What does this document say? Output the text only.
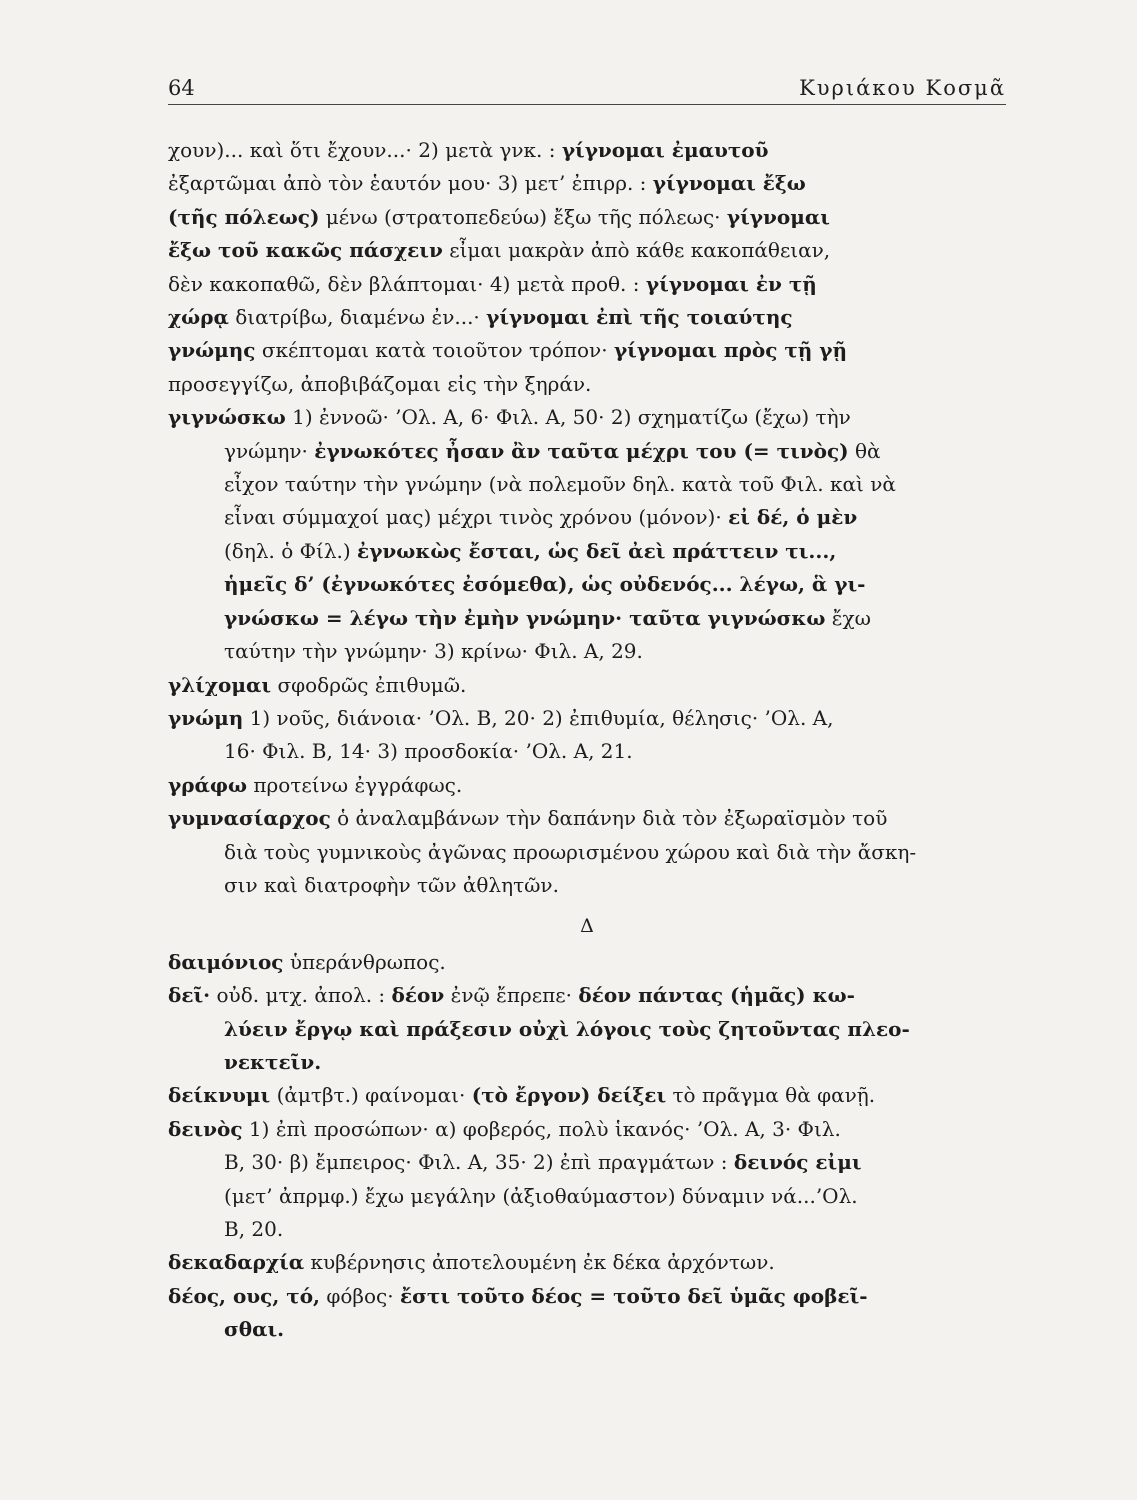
64	Κυριάκου Κοσμᾶ
χουν)... καὶ ὅτι ἔχουν...· 2) μετὰ γνκ. : γίγνομαι ἐμαυτοῦ
ἐξαρτῶμαι ἀπὸ τὸν ἑαυτόν μου· 3) μετ’ ἐπιρρ. : γίγνομαι ἔξω
(τῆς πόλεως) μένω (στρατοπεδεύω) ἔξω τῆς πόλεως· γίγνομαι
ἔξω τοῦ κακῶς πάσχειν εἶμαι μακρὰν ἀπὸ κάθε κακοπάθειαν,
δὲν κακοπαθῶ, δὲν βλάπτομαι· 4) μετὰ προθ. : γίγνομαι ἐν τῇ
χώρᾳ διατρίβω, διαμένω ἐν...· γίγνομαι ἐπὶ τῆς τοιαύτης
γνώμης σκέπτομαι κατὰ τοιοῦτον τρόπον· γίγνομαι πρὸς τῇ γῇ
προσεγγίζω, ἀποβιβάζομαι εἰς τὴν ξηράν.
γιγνώσκω 1) ἐννοῶ· ’Ολ. Α, 6· Φιλ. Α, 50· 2) σχηματίζω (ἔχω) τὴν
γνώμην· ἐγνωκότες ἦσαν ἂν ταῦτα μέχρι του (= τινὸς) θὰ
εἶχον ταύτην τὴν γνώμην (νὰ πολεμοῦν δηλ. κατὰ τοῦ Φιλ. καὶ νὰ
εἶναι σύμμαχοί μας) μέχρι τινὸς χρόνου (μόνον)· εἰ δέ, ὁ μὲν
(δηλ. ὁ Φίλ.) ἐγνωκὼς ἔσται, ὡς δεῖ ἀεὶ πράττειν τι...,
ἡμεῖς δ’ (ἐγνωκότες ἐσόμεθα), ὡς οὐδενός... λέγω, ἃ γι-
γνώσκω = λέγω τὴν ἐμὴν γνώμην· ταῦτα γιγνώσκω ἔχω
ταύτην τὴν γνώμην· 3) κρίνω· Φιλ. Α, 29.
γλίχομαι σφοδρῶς ἐπιθυμῶ.
γνώμη 1) νοῦς, διάνοια· ’Ολ. Β, 20· 2) ἐπιθυμία, θέλησις· ’Ολ. Α,
16· Φιλ. Β, 14· 3) προσδοκία· ’Ολ. Α, 21.
γράφω προτείνω ἐγγράφως.
γυμνασίαρχος ὁ ἀναλαμβάνων τὴν δαπάνην διὰ τὸν ἐξωραϊσμὸν τοῦ
διὰ τοὺς γυμνικοὺς ἀγῶνας προωρισμένου χώρου καὶ διὰ τὴν ἄσκη-
σιν καὶ διατροφὴν τῶν ἀθλητῶν.
Δ
δαιμόνιος ὑπεράνθρωπος.
δεῖ· οὐδ. μτχ. ἀπολ. : δέον ἐνῷ ἔπρεπε· δέον πάντας (ἡμᾶς) κω-
λύειν ἔργῳ καὶ πράξεσιν οὐχὶ λόγοις τοὺς ζητοῦντας πλεο-
νεκτεῖν.
δείκνυμι (ἀμτβτ.) φαίνομαι· (τὸ ἔργον) δείξει τὸ πρᾶγμα θὰ φανῇ.
δεινὸς 1) ἐπὶ προσώπων· α) φοβερός, πολὺ ἱκανός· ’Ολ. Α, 3· Φιλ.
Β, 30· β) ἔμπειρος· Φιλ. Α, 35· 2) ἐπὶ πραγμάτων : δεινός εἰμι
(μετ’ ἀπρμφ.) ἔχω μεγάλην (ἀξιοθαύμαστον) δύναμιν νά...’Ολ.
Β, 20.
δεκαδαρχία κυβέρνησις ἀποτελουμένη ἐκ δέκα ἀρχόντων.
δέος, ους, τό, φόβος· ἔστι τοῦτο δέος = τοῦτο δεῖ ὑμᾶς φοβεῖ-
σθαι.
